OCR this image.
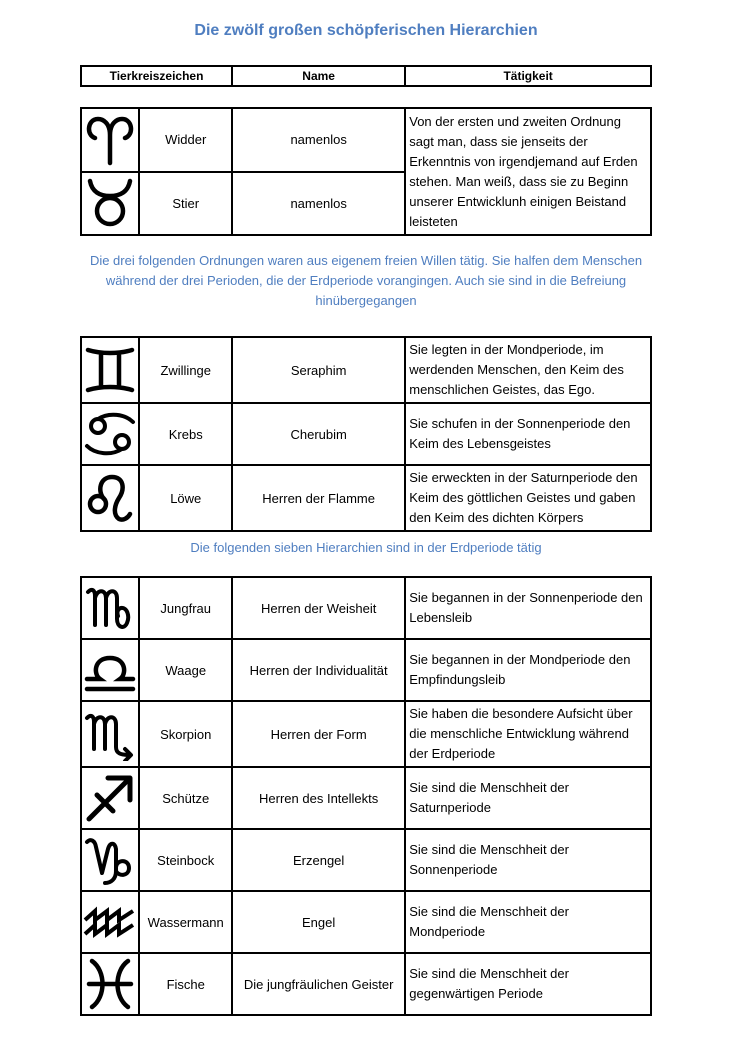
Die zwölf großen schöpferischen Hierarchien
Tierkreiszeichen	Name	Tätigkeit
	Widder	namenlos	Von der ersten und zweiten Ordnung sagt man, dass sie jenseits der Erkenntnis von irgendjemand auf Erden stehen. Man weiß, dass sie zu Beginn unserer Entwicklunh einigen Beistand leisteten

	Stier	namenlos	
Die drei folgenden Ordnungen waren aus eigenem freien Willen tätig. Sie halfen dem Menschen während der drei Perioden, die der Erdperiode vorangingen. Auch sie sind in die Befreiung hinübergegangen
	Zwillinge	Seraphim	Sie legten in der Mondperiode, im werdenden Menschen, den Keim des menschlichen Geistes, das Ego.

	Krebs	Cherubim	Sie schufen in der Sonnenperiode den Keim des Lebensgeistes

	Löwe	Herren der Flamme	Sie erweckten in der Saturnperiode den Keim des göttlichen Geistes und gaben den Keim des dichten Körpers
Die folgenden sieben Hierarchien sind in der Erdperiode tätig
	Jungfrau	Herren der Weisheit	Sie begannen in der Sonnenperiode den Lebensleib

	Waage	Herren der Individualität	Sie begannen in der Mondperiode den Empfindungsleib

	Skorpion	Herren der Form	Sie haben die besondere Aufsicht über die menschliche Entwicklung während der Erdperiode

	Schütze	Herren des Intellekts	Sie sind die Menschheit der Saturnperiode

	Steinbock	Erzengel	Sie sind die Menschheit der Sonnenperiode

	Wassermann	Engel	Sie sind die Menschheit der Mondperiode

	Fische	Die jungfräulichen Geister	Sie sind die Menschheit der gegenwärtigen Periode
